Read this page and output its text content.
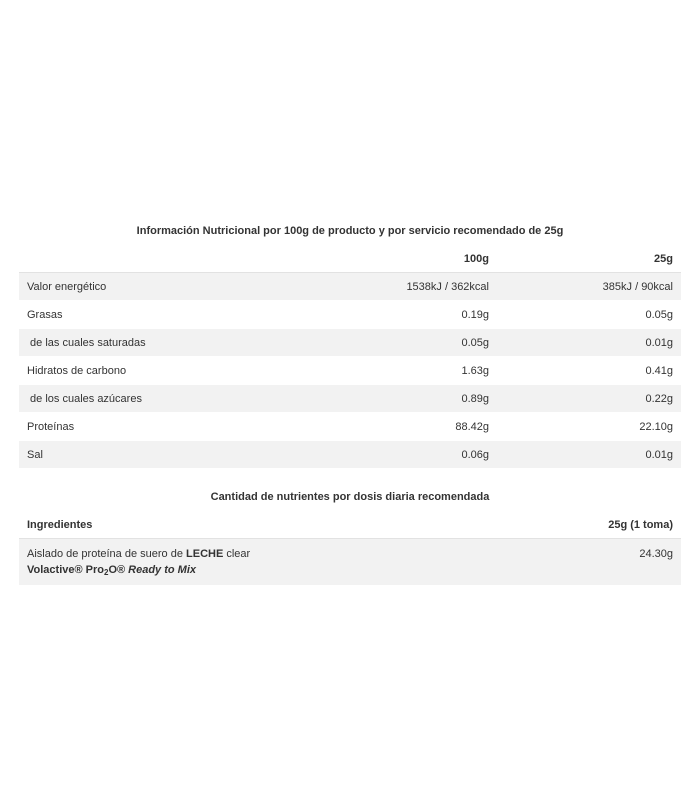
Información Nutricional por 100g de producto y por servicio recomendado de 25g
	100g	25g
Valor energético	1538kJ / 362kcal	385kJ / 90kcal
Grasas	0.19g	0.05g
de las cuales saturadas	0.05g	0.01g
Hidratos de carbono	1.63g	0.41g
de los cuales azúcares	0.89g	0.22g
Proteínas	88.42g	22.10g
Sal	0.06g	0.01g
Cantidad de nutrientes por dosis diaria recomendada
Ingredientes	25g (1 toma)

Aislado de proteína de suero de LECHE clear
Volactive® Pro$_2$O® Ready to Mix	24.30g
